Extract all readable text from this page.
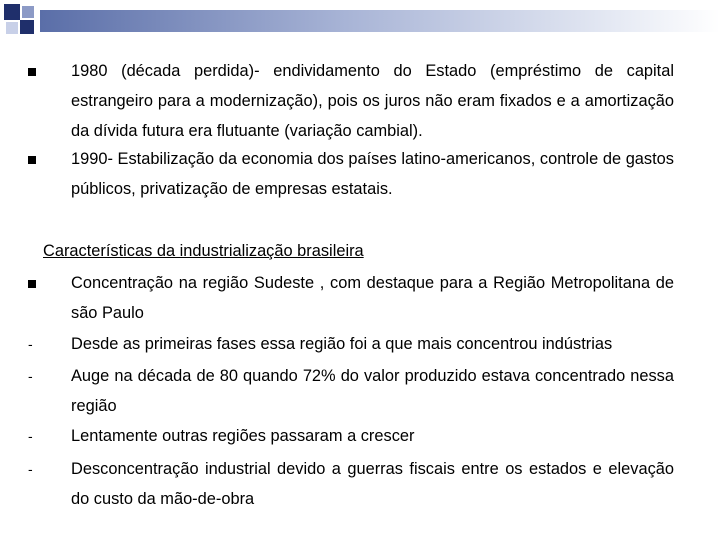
1980 (década perdida)- endividamento do Estado (empréstimo de capital estrangeiro para a modernização), pois os juros não eram fixados e a amortização da dívida futura era flutuante (variação cambial).
1990- Estabilização da economia dos países latino-americanos, controle de gastos públicos, privatização de empresas estatais.
Características da industrialização brasileira
Concentração na região Sudeste , com destaque para a Região Metropolitana de são Paulo
-	Desde as primeiras fases essa região foi a que mais concentrou indústrias
-	Auge na década de 80 quando 72% do valor produzido estava concentrado nessa região
-	Lentamente outras regiões passaram a crescer
-	Desconcentração industrial devido a guerras fiscais entre os estados e elevação do custo da mão-de-obra
